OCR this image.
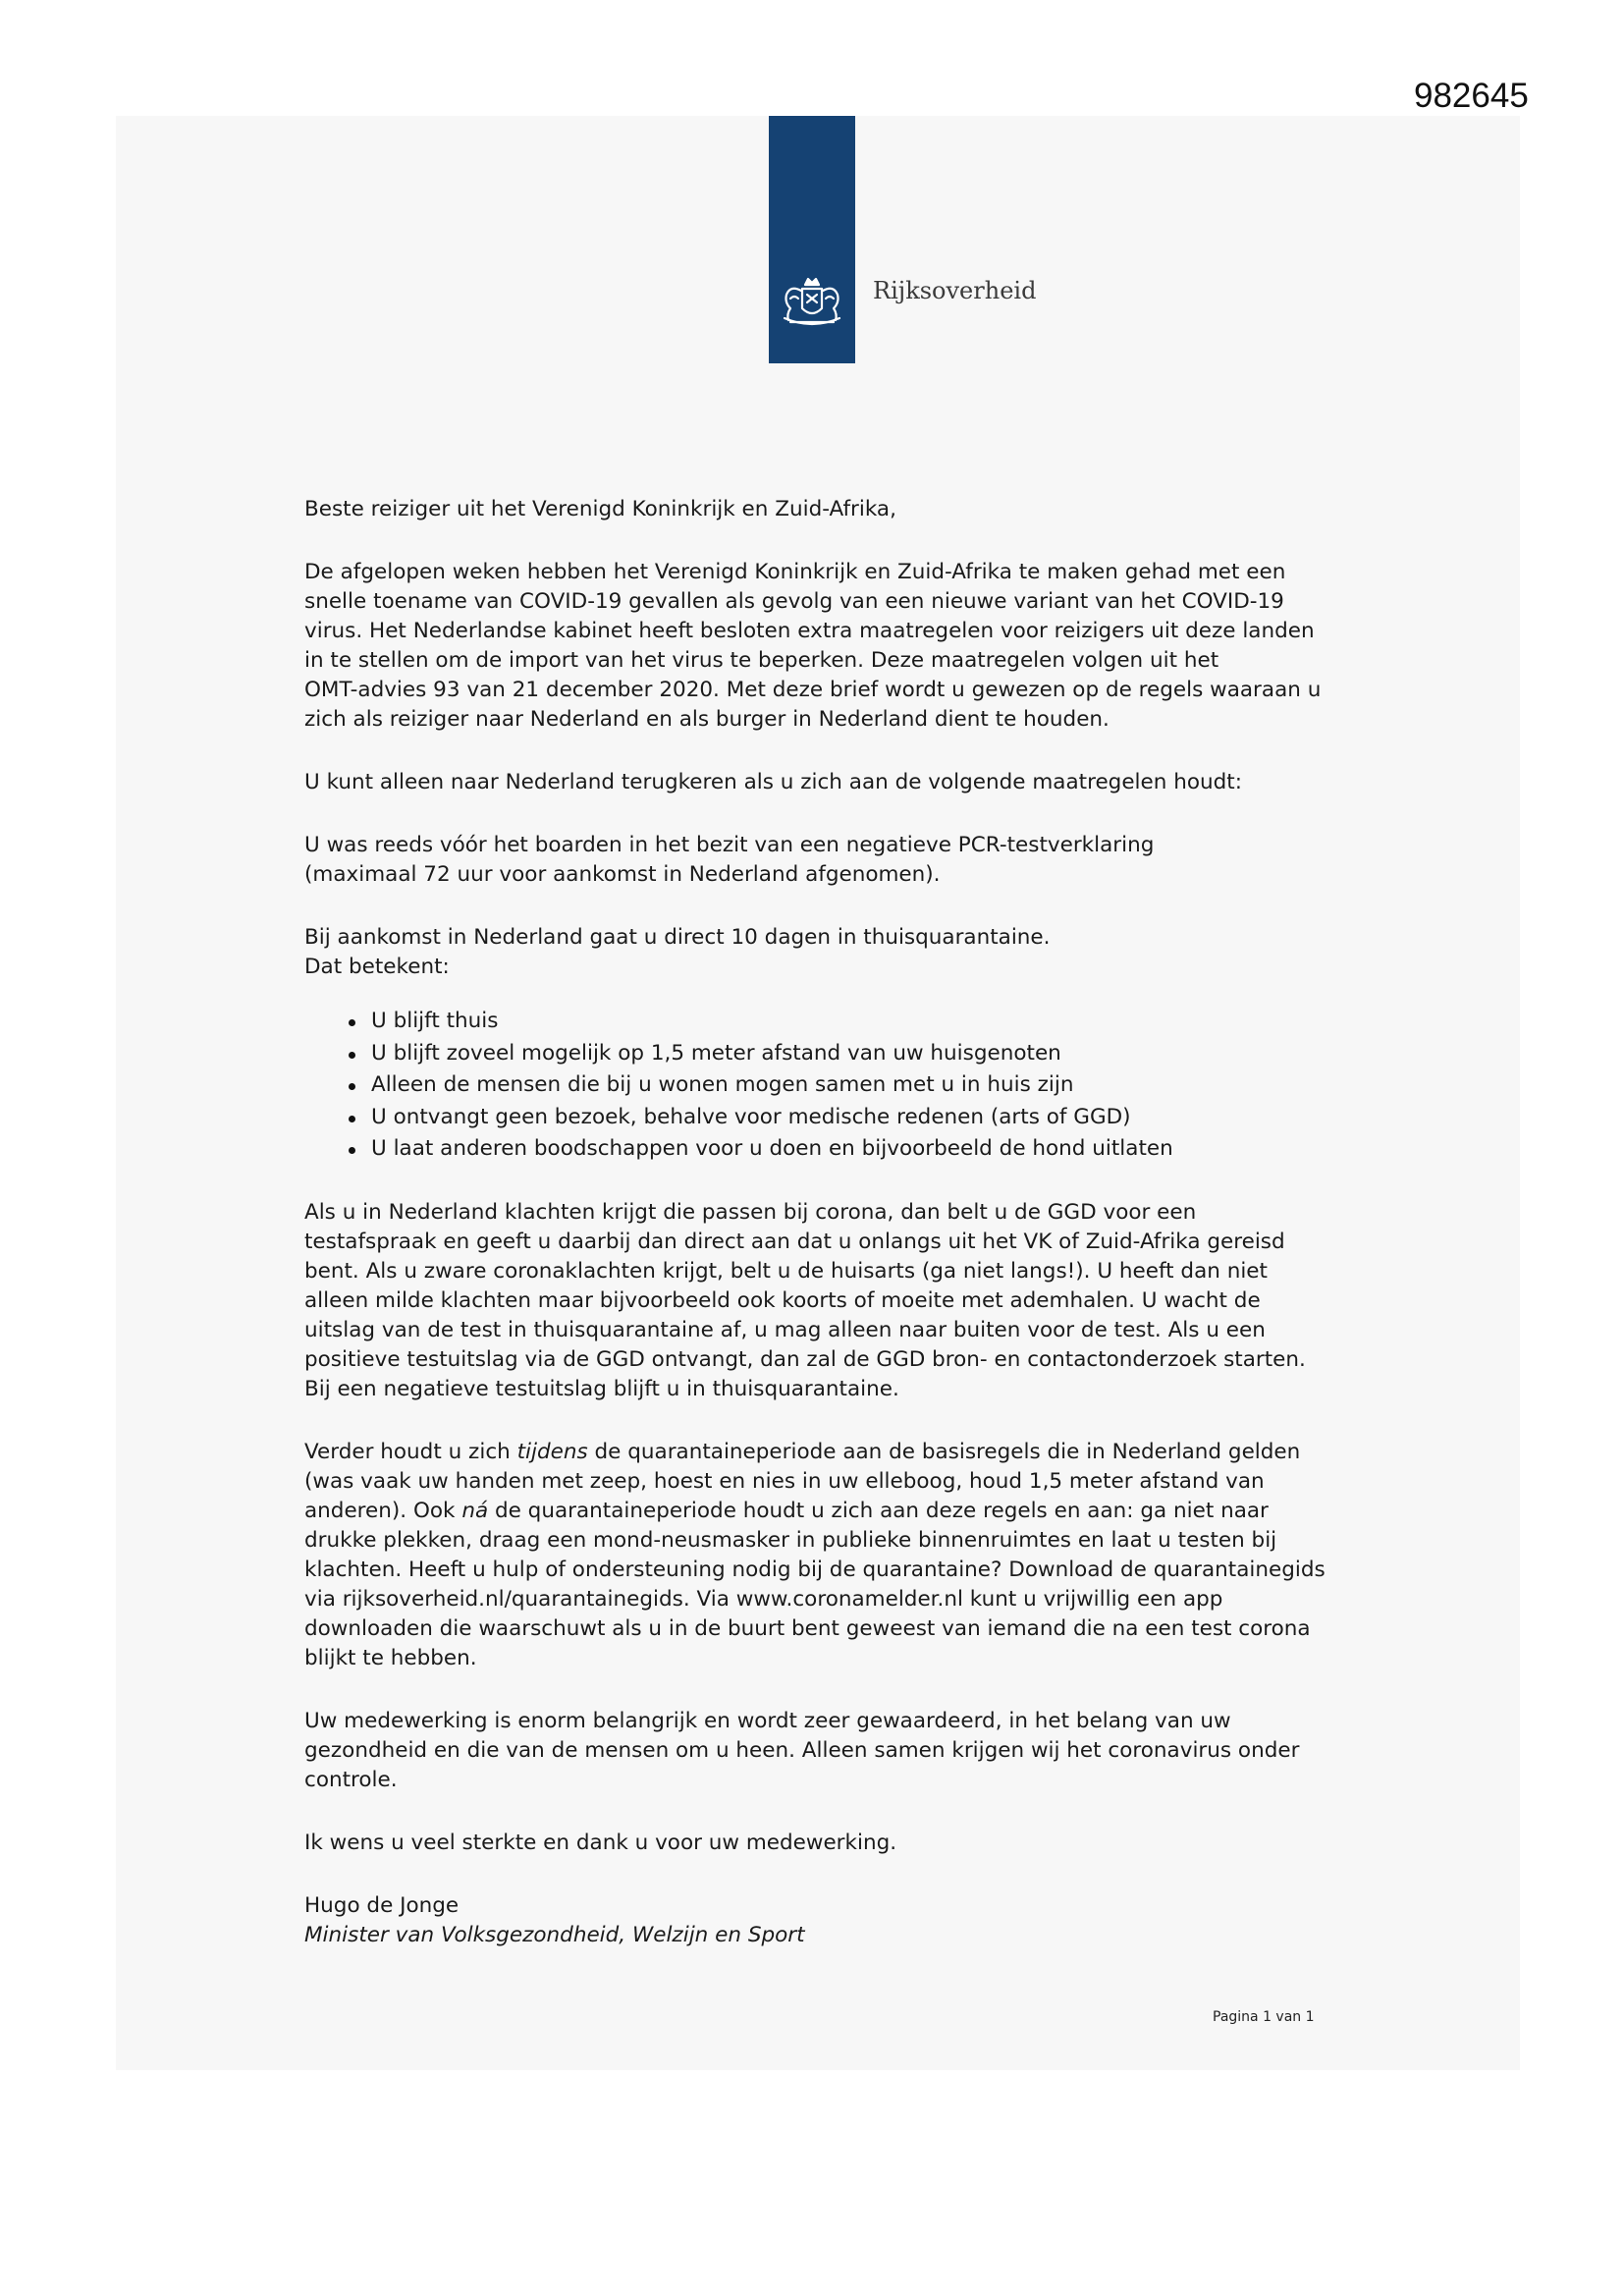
982645
Rijksoverheid

Beste reiziger uit het Verenigd Koninkrijk en Zuid-Afrika,

De afgelopen weken hebben het Verenigd Koninkrijk en Zuid-Afrika te maken gehad met een
snelle toename van COVID-19 gevallen als gevolg van een nieuwe variant van het COVID-19
virus. Het Nederlandse kabinet heeft besloten extra maatregelen voor reizigers uit deze landen
in te stellen om de import van het virus te beperken. Deze maatregelen volgen uit het
OMT-advies 93 van 21 december 2020. Met deze brief wordt u gewezen op de regels waaraan u
zich als reiziger naar Nederland en als burger in Nederland dient te houden.

U kunt alleen naar Nederland terugkeren als u zich aan de volgende maatregelen houdt:

U was reeds vóór het boarden in het bezit van een negatieve PCR-testverklaring
(maximaal 72 uur voor aankomst in Nederland afgenomen).

Bij aankomst in Nederland gaat u direct 10 dagen in thuisquarantaine.
Dat betekent:

U blijft thuis
U blijft zoveel mogelijk op 1,5 meter afstand van uw huisgenoten
Alleen de mensen die bij u wonen mogen samen met u in huis zijn
U ontvangt geen bezoek, behalve voor medische redenen (arts of GGD)
U laat anderen boodschappen voor u doen en bijvoorbeeld de hond uitlaten

Als u in Nederland klachten krijgt die passen bij corona, dan belt u de GGD voor een
testafspraak en geeft u daarbij dan direct aan dat u onlangs uit het VK of Zuid-Afrika gereisd
bent. Als u zware coronaklachten krijgt, belt u de huisarts (ga niet langs!). U heeft dan niet
alleen milde klachten maar bijvoorbeeld ook koorts of moeite met ademhalen. U wacht de
uitslag van de test in thuisquarantaine af, u mag alleen naar buiten voor de test. Als u een
positieve testuitslag via de GGD ontvangt, dan zal de GGD bron- en contactonderzoek starten.
Bij een negatieve testuitslag blijft u in thuisquarantaine.

Verder houdt u zich tijdens de quarantaineperiode aan de basisregels die in Nederland gelden
(was vaak uw handen met zeep, hoest en nies in uw elleboog, houd 1,5 meter afstand van
anderen). Ook ná de quarantaineperiode houdt u zich aan deze regels en aan: ga niet naar
drukke plekken, draag een mond-neusmasker in publieke binnenruimtes en laat u testen bij
klachten. Heeft u hulp of ondersteuning nodig bij de quarantaine? Download de quarantainegids
via rijksoverheid.nl/quarantainegids. Via www.coronamelder.nl kunt u vrijwillig een app
downloaden die waarschuwt als u in de buurt bent geweest van iemand die na een test corona
blijkt te hebben.

Uw medewerking is enorm belangrijk en wordt zeer gewaardeerd, in het belang van uw
gezondheid en die van de mensen om u heen. Alleen samen krijgen wij het coronavirus onder
controle.

Ik wens u veel sterkte en dank u voor uw medewerking.

Hugo de Jonge
Minister van Volksgezondheid, Welzijn en Sport

Pagina 1 van 1
